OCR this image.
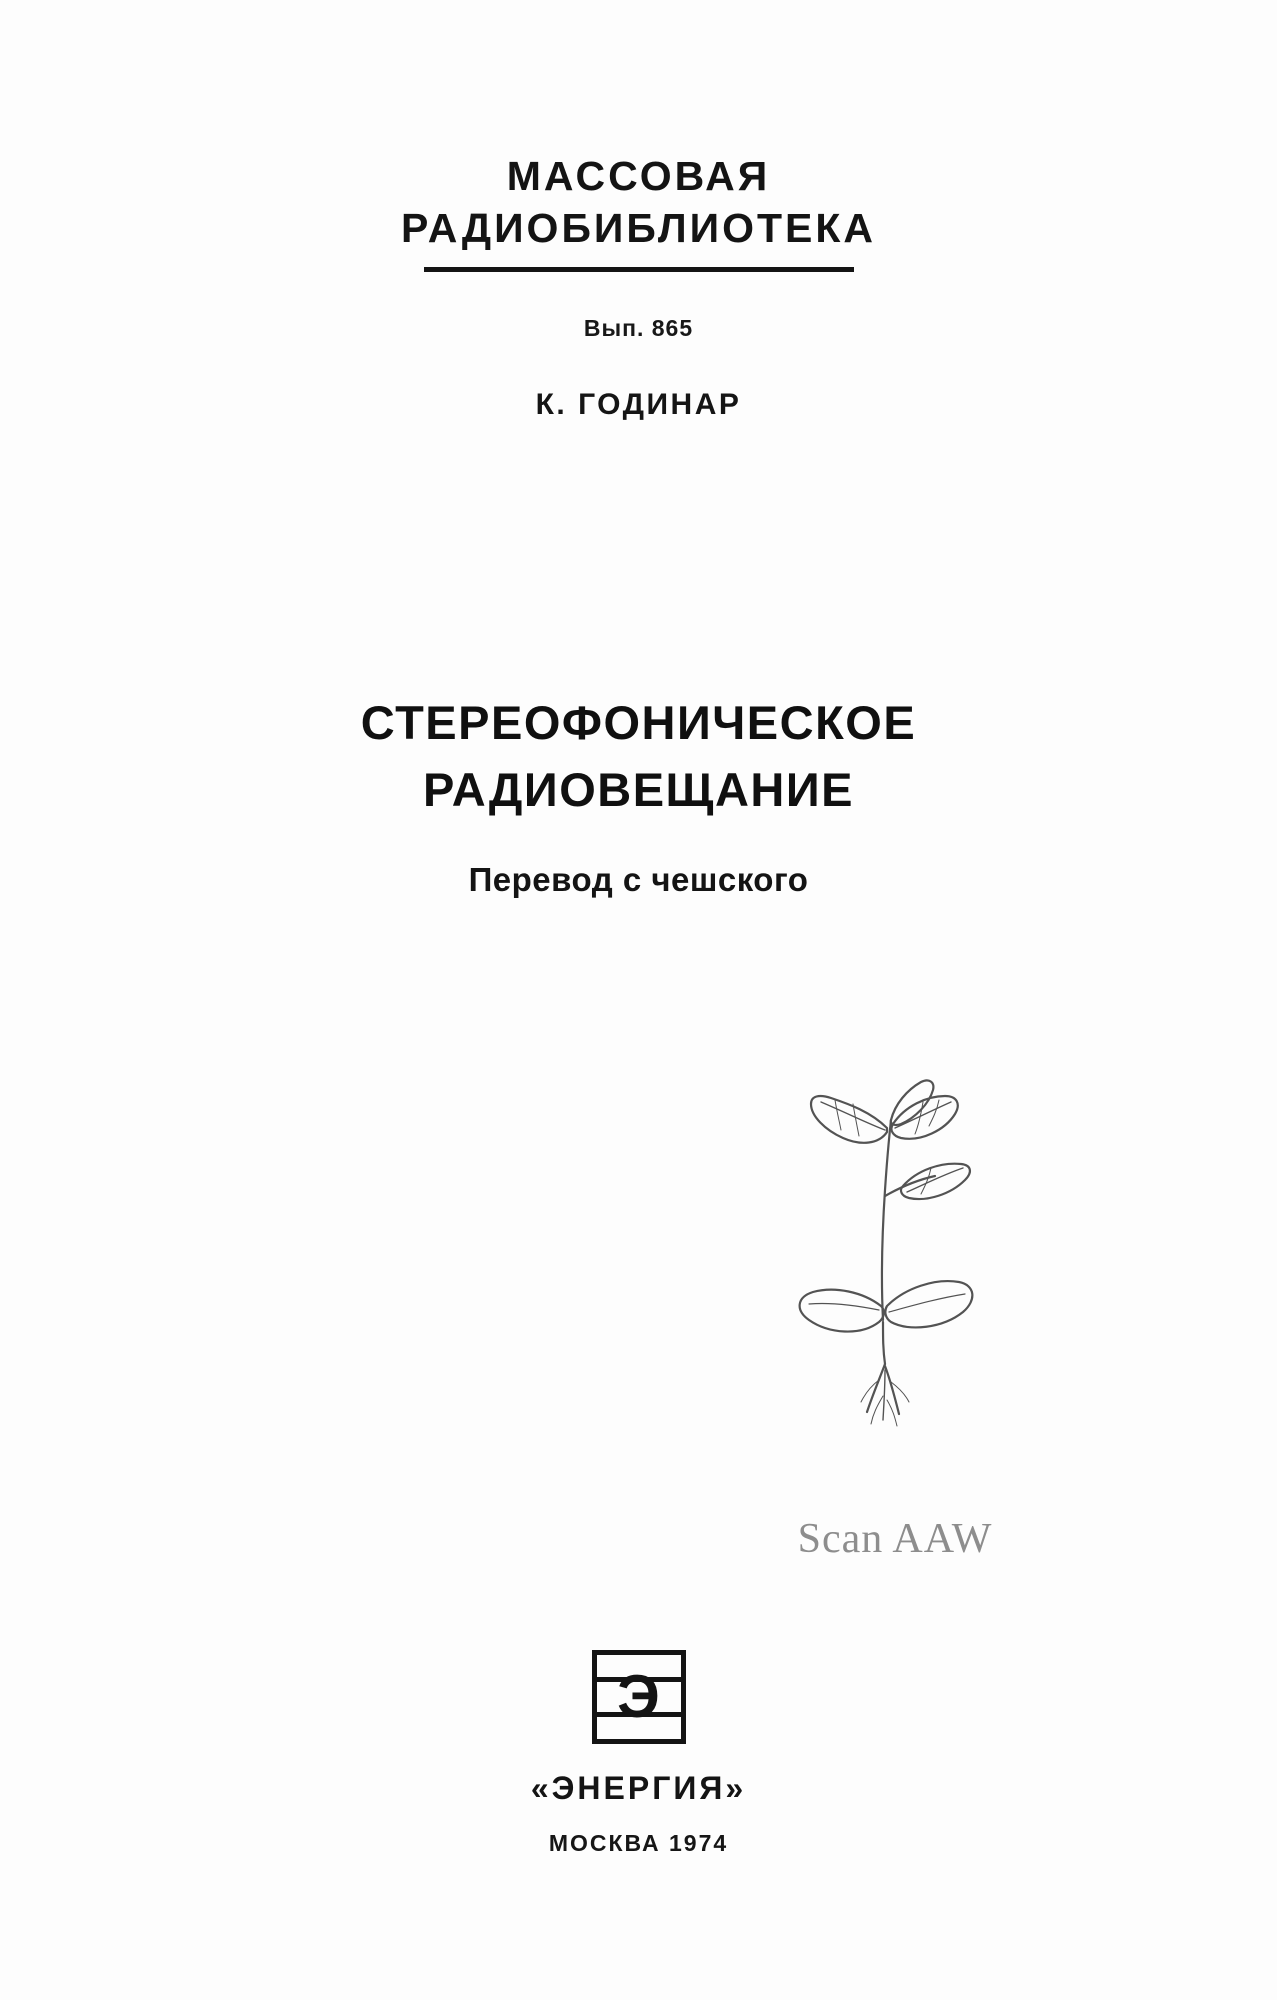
МАССОВАЯ
РАДИОБИБЛИОТЕКА
Вып. 865
К. ГОДИНАР
СТЕРЕОФОНИЧЕСКОЕ
РАДИОВЕЩАНИЕ
Перевод с чешского
Scan AAW
Э
«ЭНЕРГИЯ»
МОСКВА 1974
